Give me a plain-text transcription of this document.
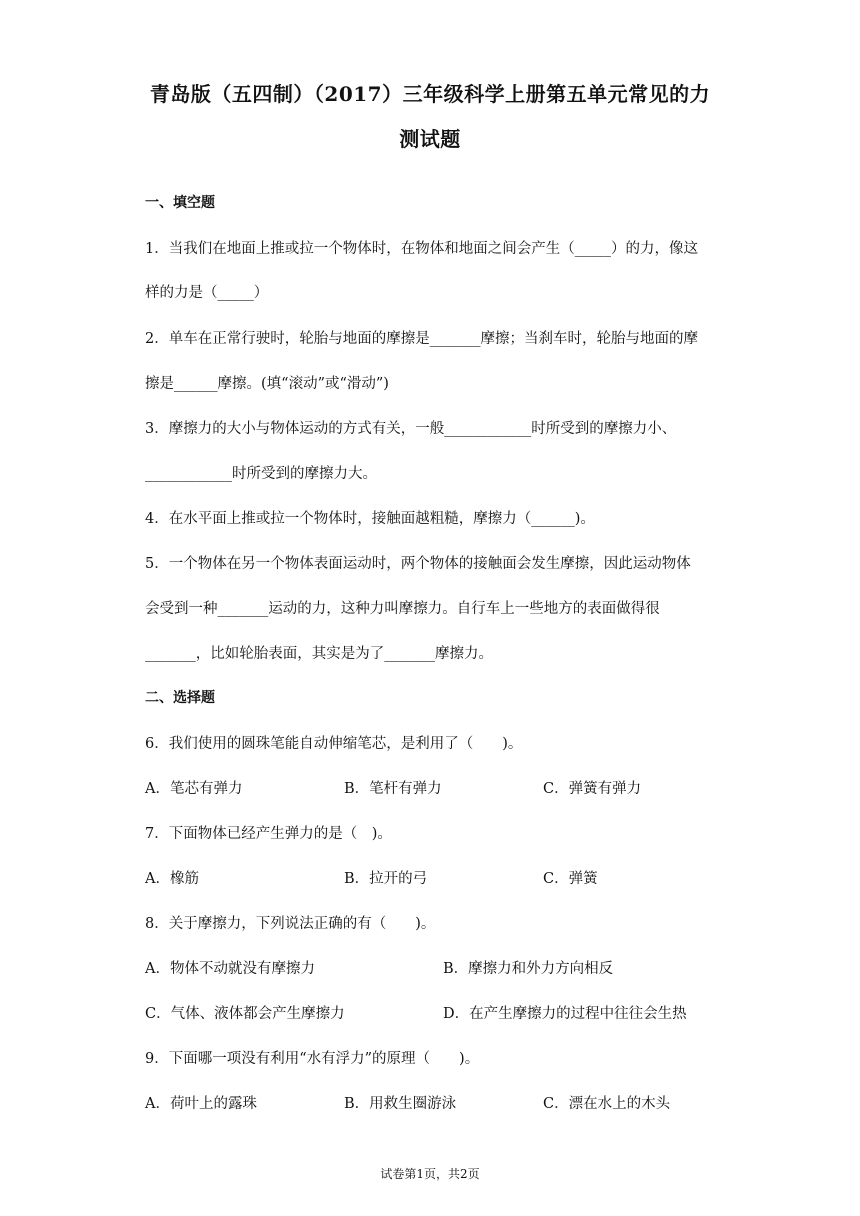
青岛版（五四制）（2017）三年级科学上册第五单元常见的力
测试题
一、填空题
1．当我们在地面上推或拉一个物体时，在物体和地面之间会产生（_____）的力，像这
样的力是（_____）
2．单车在正常行驶时，轮胎与地面的摩擦是_______摩擦；当刹车时，轮胎与地面的摩
擦是______摩擦。(填“滚动”或“滑动”)
3．摩擦力的大小与物体运动的方式有关，一般____________时所受到的摩擦力小、
____________时所受到的摩擦力大。
4．在水平面上推或拉一个物体时，接触面越粗糙，摩擦力（______)。
5．一个物体在另一个物体表面运动时，两个物体的接触面会发生摩擦，因此运动物体
会受到一种_______运动的力，这种力叫摩擦力。自行车上一些地方的表面做得很
_______，比如轮胎表面，其实是为了_______摩擦力。
二、选择题
6．我们使用的圆珠笔能自动伸缩笔芯，是利用了（　　)。
A．笔芯有弹力	B．笔杆有弹力	C．弹簧有弹力
7．下面物体已经产生弹力的是（　)。
A．橡筋	B．拉开的弓	C．弹簧
8．关于摩擦力，下列说法正确的有（　　)。
A．物体不动就没有摩擦力	B．摩擦力和外力方向相反
C．气体、液体都会产生摩擦力	D．在产生摩擦力的过程中往往会生热
9．下面哪一项没有利用“水有浮力”的原理（　　)。
A．荷叶上的露珠	B．用救生圈游泳	C．漂在水上的木头
试卷第1页，共2页
